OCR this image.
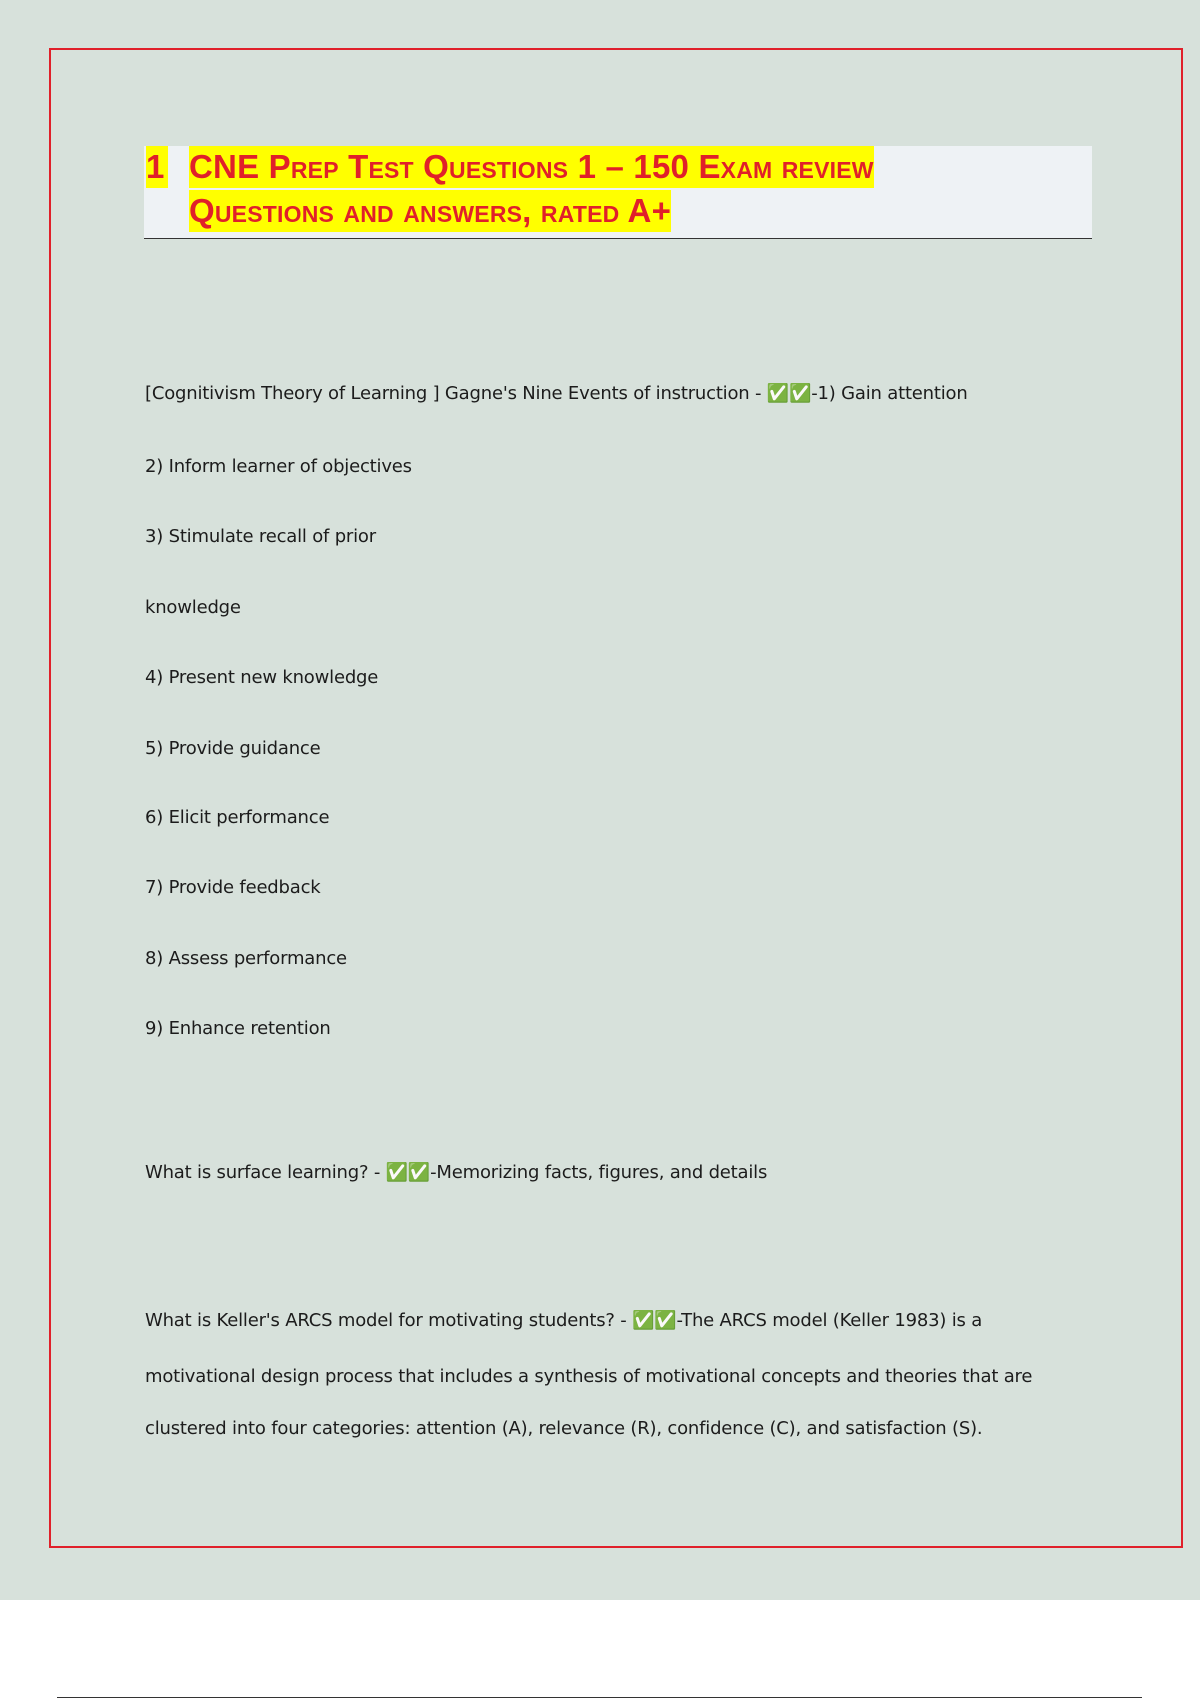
1 CNE Prep Test Questions 1 – 150 Exam review
Questions and answers, rated A+
[Cognitivism Theory of Learning ] Gagne's Nine Events of instruction - ✅✅-1) Gain attention
2) Inform learner of objectives
3) Stimulate recall of prior
knowledge
4) Present new knowledge
5) Provide guidance
6) Elicit performance
7) Provide feedback
8) Assess performance
9) Enhance retention
What is surface learning? - ✅✅-Memorizing facts, figures, and details
What is Keller's ARCS model for motivating students? - ✅✅-The ARCS model (Keller 1983) is a
motivational design process that includes a synthesis of motivational concepts and theories that are
clustered into four categories: attention (A), relevance (R), confidence (C), and satisfaction (S).
